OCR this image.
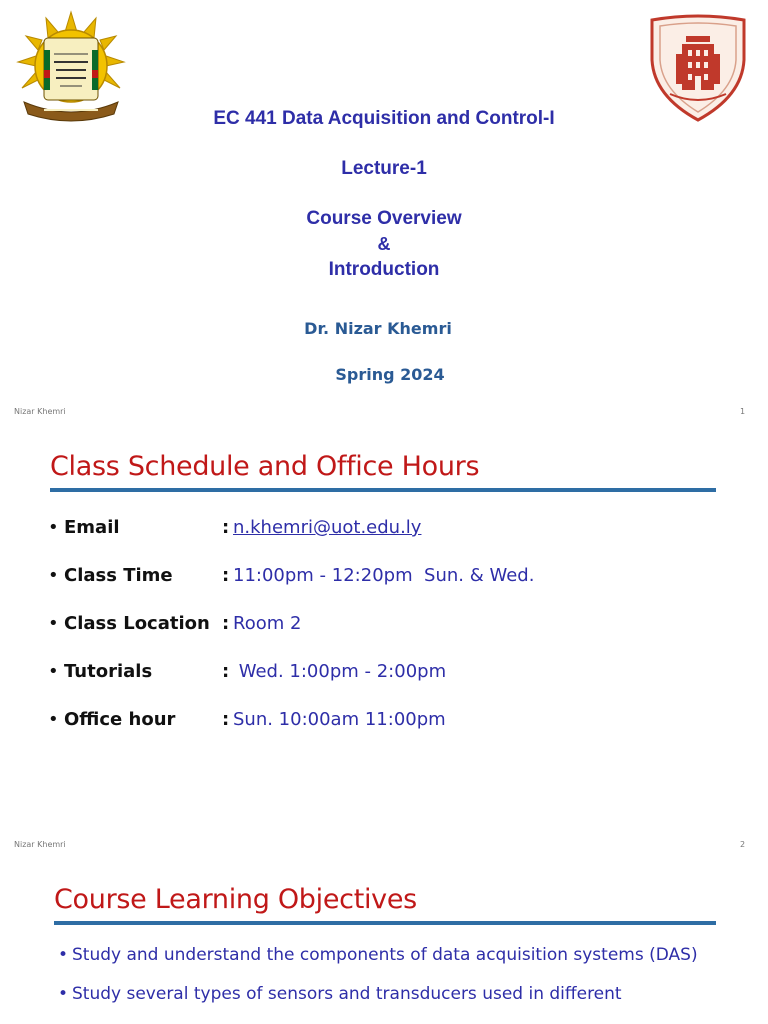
EC 441 Data Acquisition and Control-I
Lecture-1
Course Overview
&
Introduction
Dr. Nizar Khemri
Spring 2024
Nizar Khemri	1
Class Schedule and Office Hours
• Email	: n.khemri@uot.edu.ly
• Class Time	: 11:00pm - 12:20pm  Sun. & Wed.
• Class Location : Room 2
• Tutorials	: Wed. 1:00pm - 2:00pm
• Office hour	: Sun. 10:00am 11:00pm
Nizar Khemri	2
Course Learning Objectives
• Study and understand the components of data acquisition systems (DAS)
• Study several types of sensors and transducers used in different
